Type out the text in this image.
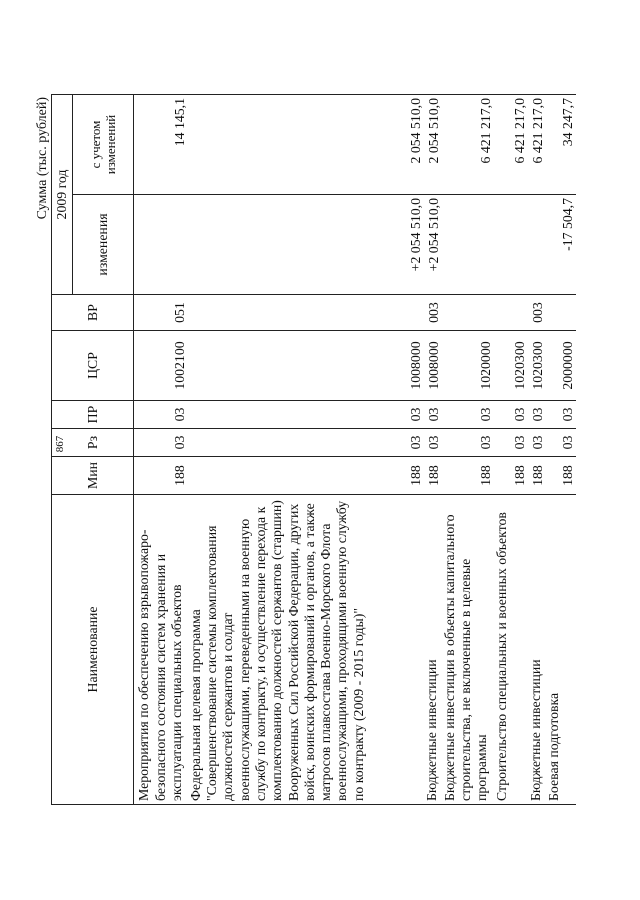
867
Сумма (тыс. рублей)
Наименование	Мин	Рз	ПР	ЦСР	ВР	2009 год	
						изменения	с учетом изменений
Мероприятия по обеспечению взрывопожаро-безопасного состояния систем хранения и эксплуатации специальных объектов	188	03	03	1002100	051		14 145,1
Федеральная целевая программа "Совершенствование системы комплектования должностей сержантов и солдат военнослужащими, переведенными на военную службу по контракту, и осуществление перехода к комплектованию должностей сержантов (старшин) Вооруженных Сил Российской Федерации, других войск, воинских формирований и органов, а также матросов плавсостава Военно-Морского Флота военнослужащими, проходящими военную службу по контракту (2009 - 2015 годы)"	188	03	03	1008000		+2 054 510,0	2 054 510,0
Бюджетные инвестиции	188	03	03	1008000	003	+2 054 510,0	2 054 510,0
Бюджетные инвестиции в объекты капитального строительства, не включенные в целевые программы	188	03	03	1020000			6 421 217,0
Строительство специальных и военных объектов	188	03	03	1020300			6 421 217,0
Бюджетные инвестиции	188	03	03	1020300	003		6 421 217,0
Боевая подготовка	188	03	03	2000000		-17 504,7	34 247,7
